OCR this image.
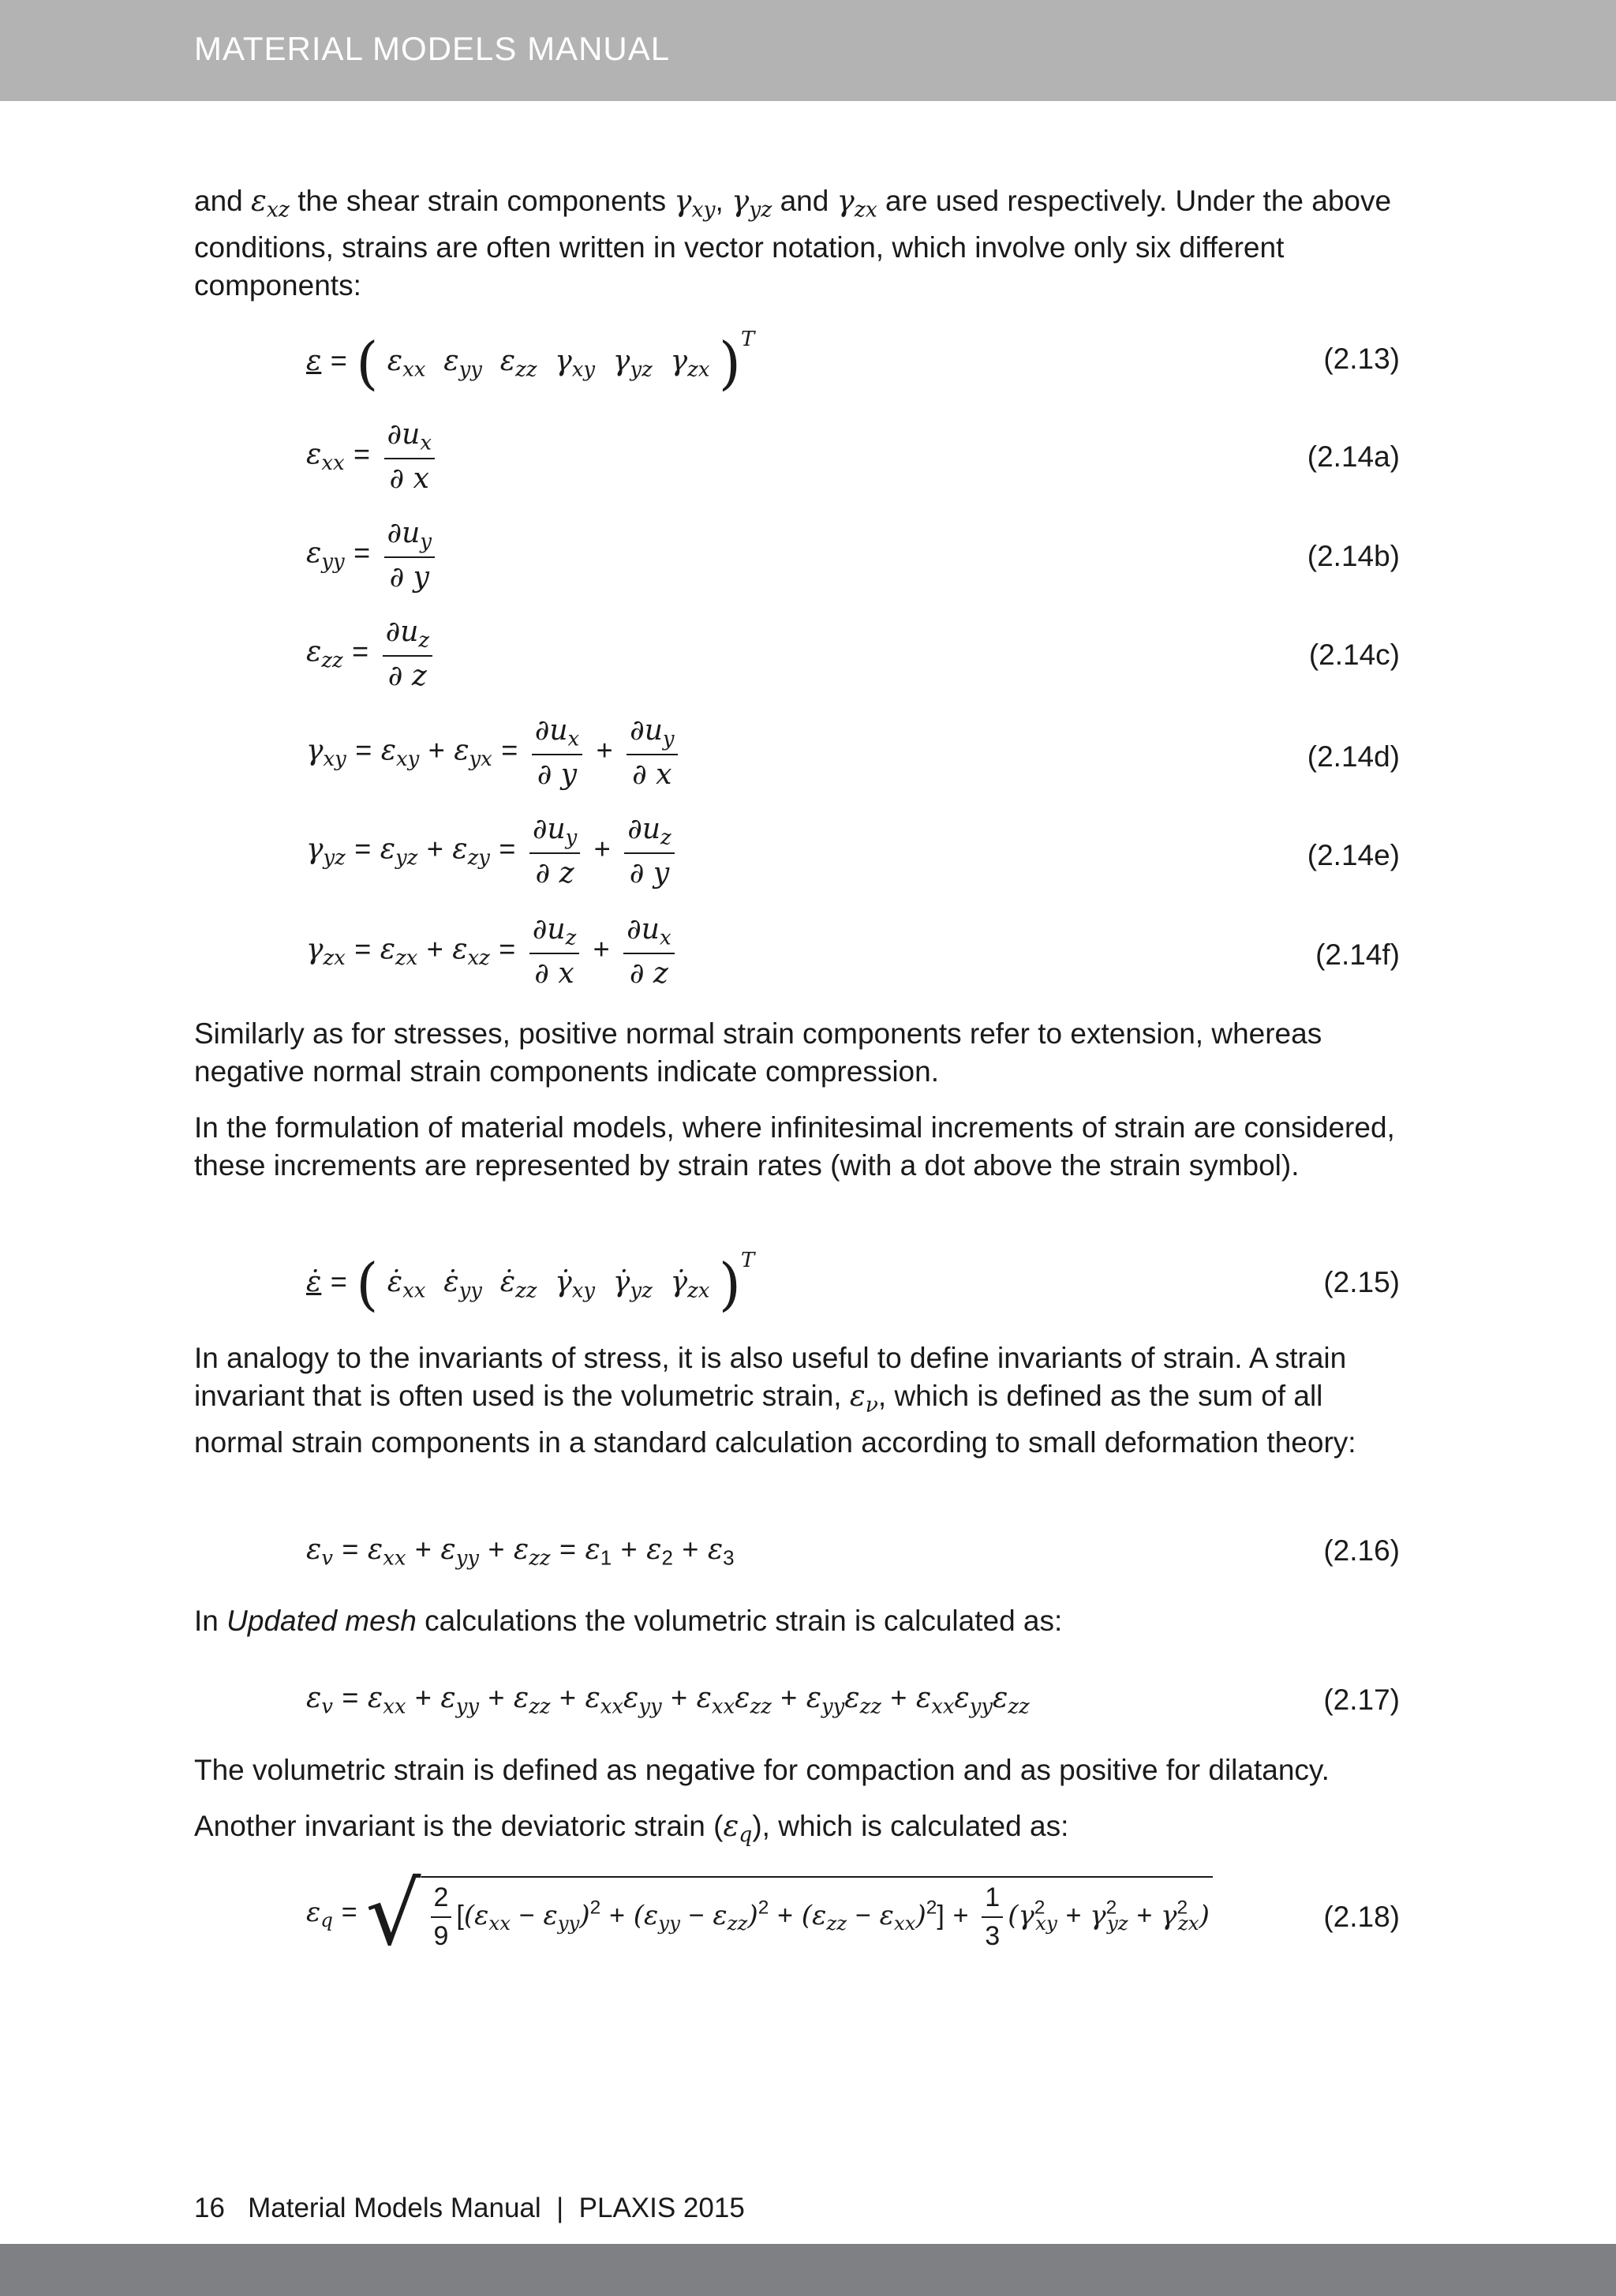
MATERIAL MODELS MANUAL

and $\varepsilon_{xz}$ the shear strain components $\gamma_{xy}$, $\gamma_{yz}$ and $\gamma_{zx}$ are used respectively. Under the above conditions, strains are often written in vector notation, which involve only six different components:

ε = ( $\varepsilon_{xx}$  $\varepsilon_{yy}$  $\varepsilon_{zz}$  $\gamma_{xy}$  $\gamma_{yz}$  $\gamma_{zx}$ )$^T$
(2.13)
$\varepsilon_{xx} = \frac{\partial u_x}{\partial x}$	(2.14a)
$\varepsilon_{yy} = \frac{\partial u_y}{\partial y}$	(2.14b)
$\varepsilon_{zz} = \frac{\partial u_z}{\partial z}$	(2.14c)
$\gamma_{xy} = \varepsilon_{xy} + \varepsilon_{yx} = \frac{\partial u_x}{\partial y} + \frac{\partial u_y}{\partial x}$	(2.14d)
$\gamma_{yz} = \varepsilon_{yz} + \varepsilon_{zy} = \frac{\partial u_y}{\partial z} + \frac{\partial u_z}{\partial y}$	(2.14e)
$\gamma_{zx} = \varepsilon_{zx} + \varepsilon_{xz} = \frac{\partial u_z}{\partial x} + \frac{\partial u_x}{\partial z}$	(2.14f)

Similarly as for stresses, positive normal strain components refer to extension, whereas negative normal strain components indicate compression.

In the formulation of material models, where infinitesimal increments of strain are considered, these increments are represented by strain rates (with a dot above the strain symbol).

ε̇ = ( $\varepsiloṅ_{xx}$  $\varepsiloṅ_{yy}$  $\varepsiloṅ_{zz}$  $\gammȧ_{xy}$  $\gammȧ_{yz}$  $\gammȧ_{zx}$ )$^T$
(2.15)

In analogy to the invariants of stress, it is also useful to define invariants of strain. A strain invariant that is often used is the volumetric strain, $\varepsilon_\nu$, which is defined as the sum of all normal strain components in a standard calculation according to small deformation theory:

$\varepsilon_v = \varepsilon_{xx} + \varepsilon_{yy} + \varepsilon_{zz} = \varepsilon_1 + \varepsilon_2 + \varepsilon_3$	(2.16)

In Updated mesh calculations the volumetric strain is calculated as:

$\varepsilon_v = \varepsilon_{xx} + \varepsilon_{yy} + \varepsilon_{zz} + \varepsilon_{xx}\varepsilon_{yy} + \varepsilon_{xx}\varepsilon_{zz} + \varepsilon_{yy}\varepsilon_{zz} + \varepsilon_{xx}\varepsilon_{yy}\varepsilon_{zz}$	(2.17)

The volumetric strain is defined as negative for compaction and as positive for dilatancy.

Another invariant is the deviatoric strain $(\varepsilon_q)$, which is calculated as:

$\varepsilon_q$ = √ $\frac{2}{9} [(\varepsilon_{xx} - \varepsilon_{yy})^2 + (\varepsilon_{yy} - \varepsilon_{zz})^2 + (\varepsilon_{zz} - \varepsilon_{xx})^2] + \frac{1}{3} (\gamma^2_{xy} + \gamma^2_{yz} + \gamma^2_{zx})$	(2.18)
16   Material Models Manual  |  PLAXIS 2015
